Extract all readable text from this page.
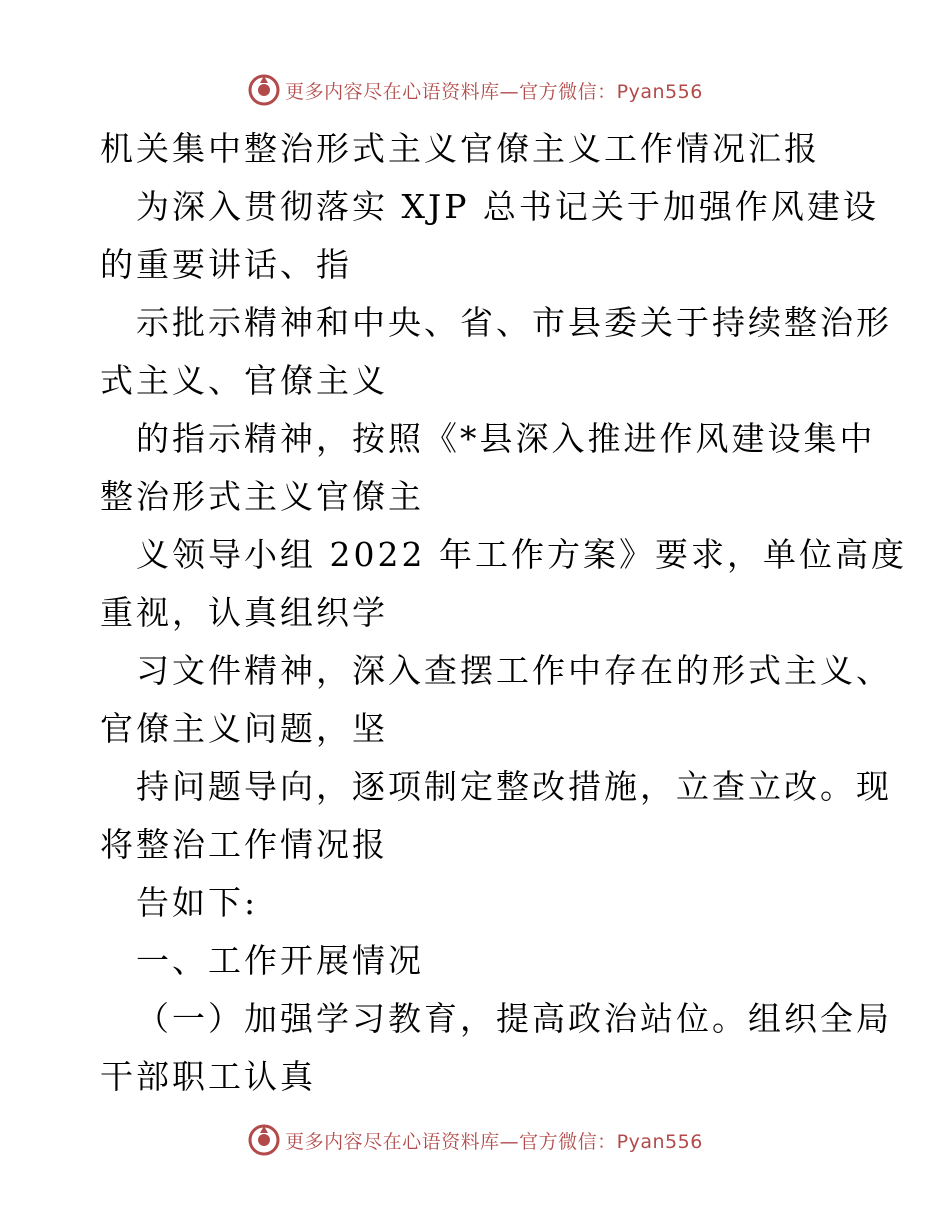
更多内容尽在心语资料库—官方微信：Pyan556
机关集中整治形式主义官僚主义工作情况汇报
为深入贯彻落实 XJP 总书记关于加强作风建设
的重要讲话、指
示批示精神和中央、省、市县委关于持续整治形
式主义、官僚主义
的指示精神，按照《*县深入推进作风建设集中
整治形式主义官僚主
义领导小组 2022 年工作方案》要求，单位高度
重视，认真组织学
习文件精神，深入查摆工作中存在的形式主义、
官僚主义问题，坚
持问题导向，逐项制定整改措施，立查立改。现
将整治工作情况报
告如下:
一、工作开展情况
（一）加强学习教育，提高政治站位。组织全局
干部职工认真
更多内容尽在心语资料库—官方微信：Pyan556
